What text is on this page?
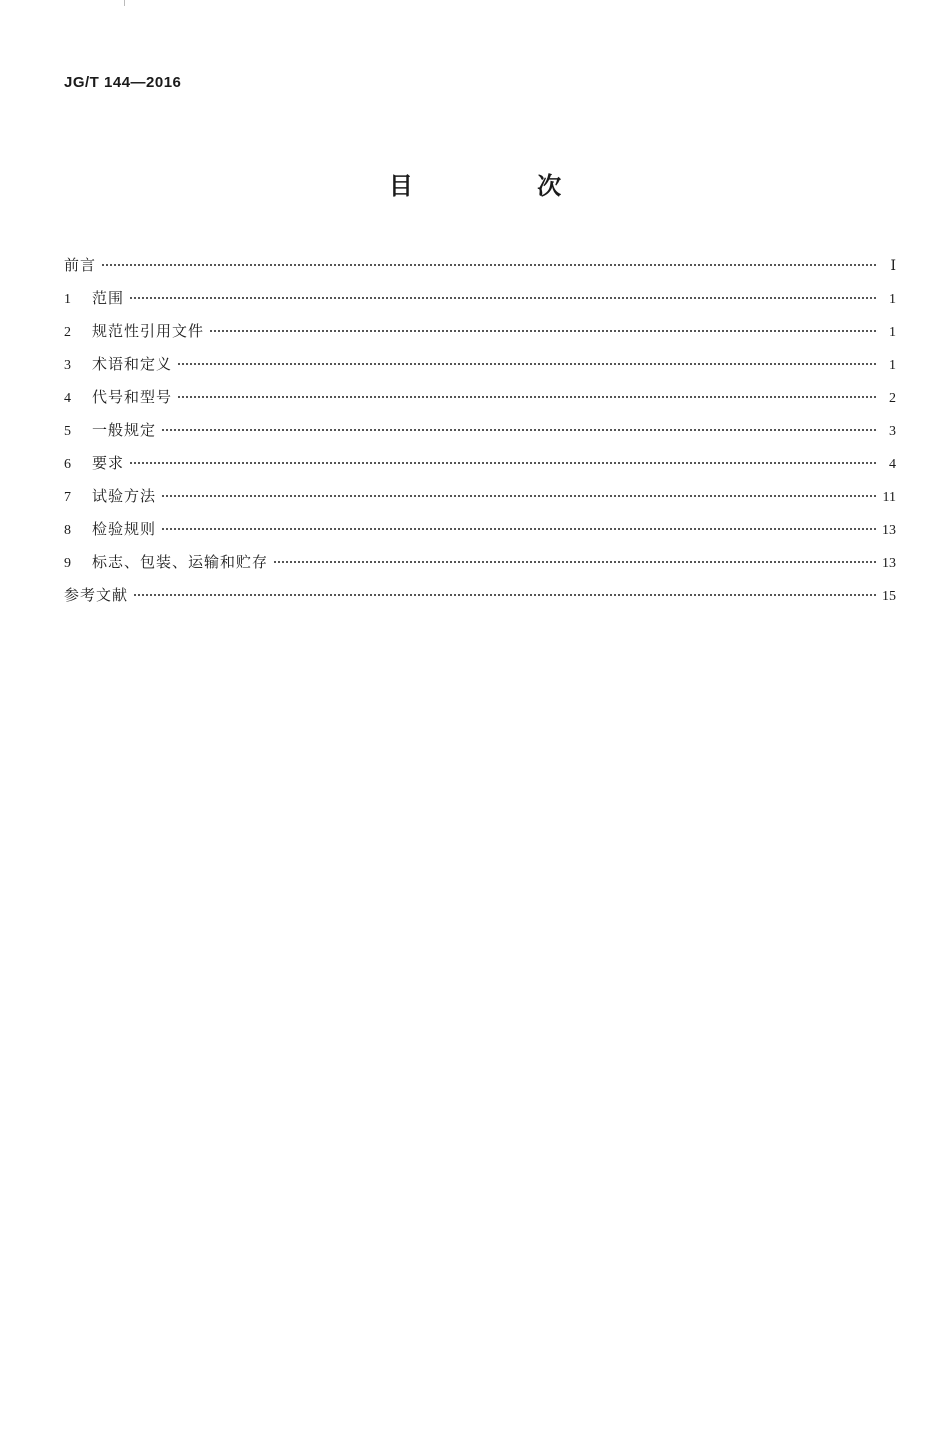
JG/T 144—2016
目 次
前言	Ⅰ
1	范围	1
2	规范性引用文件	1
3	术语和定义	1
4	代号和型号	2
5	一般规定	3
6	要求	4
7	试验方法	11
8	检验规则	13
9	标志、包装、运输和贮存	13
参考文献	15
